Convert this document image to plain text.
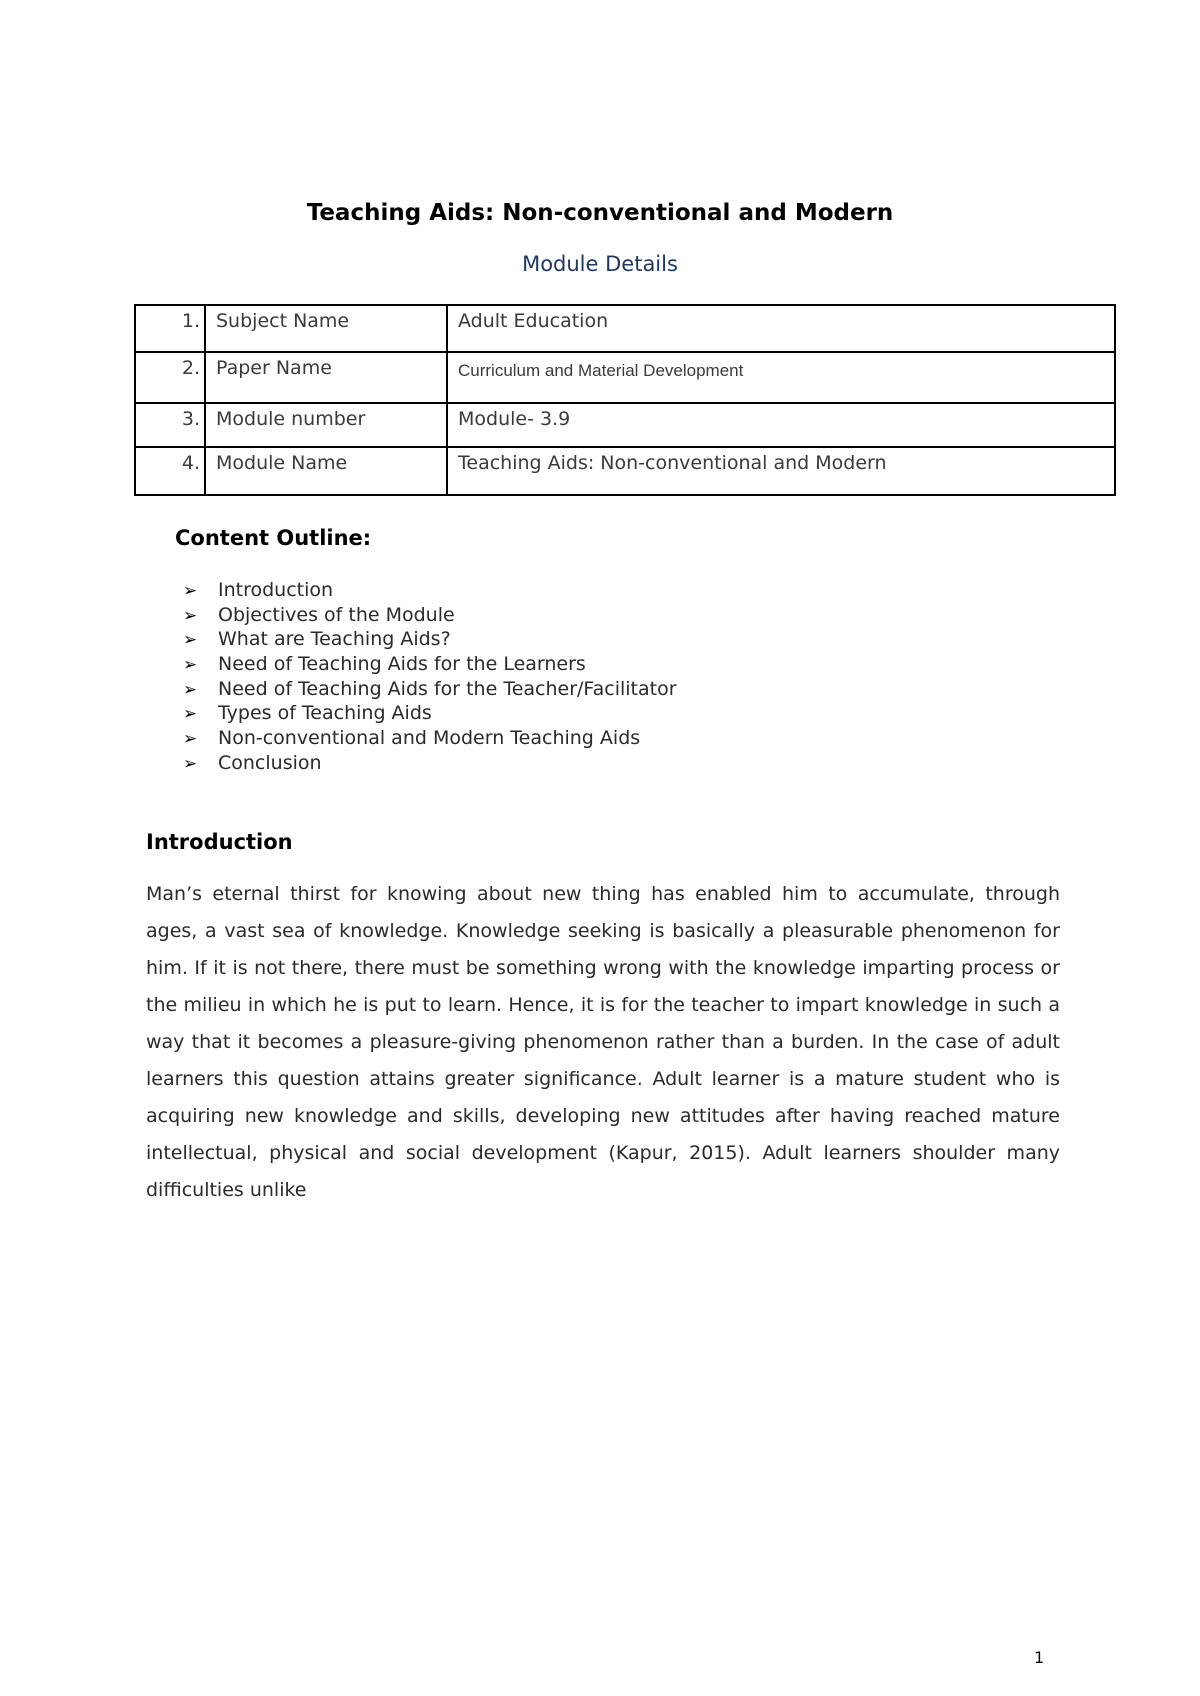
Teaching Aids: Non-conventional and Modern
Module Details
1.	Subject Name	Adult Education
2.	Paper Name	Curriculum and Material Development
3.	Module number	Module- 3.9
4.	Module Name	Teaching Aids: Non-conventional and Modern
Content Outline:
➢ Introduction
➢ Objectives of the Module
➢ What are Teaching Aids?
➢ Need of Teaching Aids for the Learners
➢ Need of Teaching Aids for the Teacher/Facilitator
➢ Types of Teaching Aids
➢ Non-conventional and Modern Teaching Aids
➢ Conclusion
Introduction

Man’s eternal thirst for knowing about new thing has enabled him to accumulate, through ages, a vast sea of knowledge. Knowledge seeking is basically a pleasurable phenomenon for him. If it is not there, there must be something wrong with the knowledge imparting process or the milieu in which he is put to learn. Hence, it is for the teacher to impart knowledge in such a way that it becomes a pleasure-giving phenomenon rather than a burden. In the case of adult learners this question attains greater significance. Adult learner is a mature student who is acquiring new knowledge and skills, developing new attitudes after having reached mature intellectual, physical and social development (Kapur, 2015). Adult learners shoulder many difficulties unlike

1
